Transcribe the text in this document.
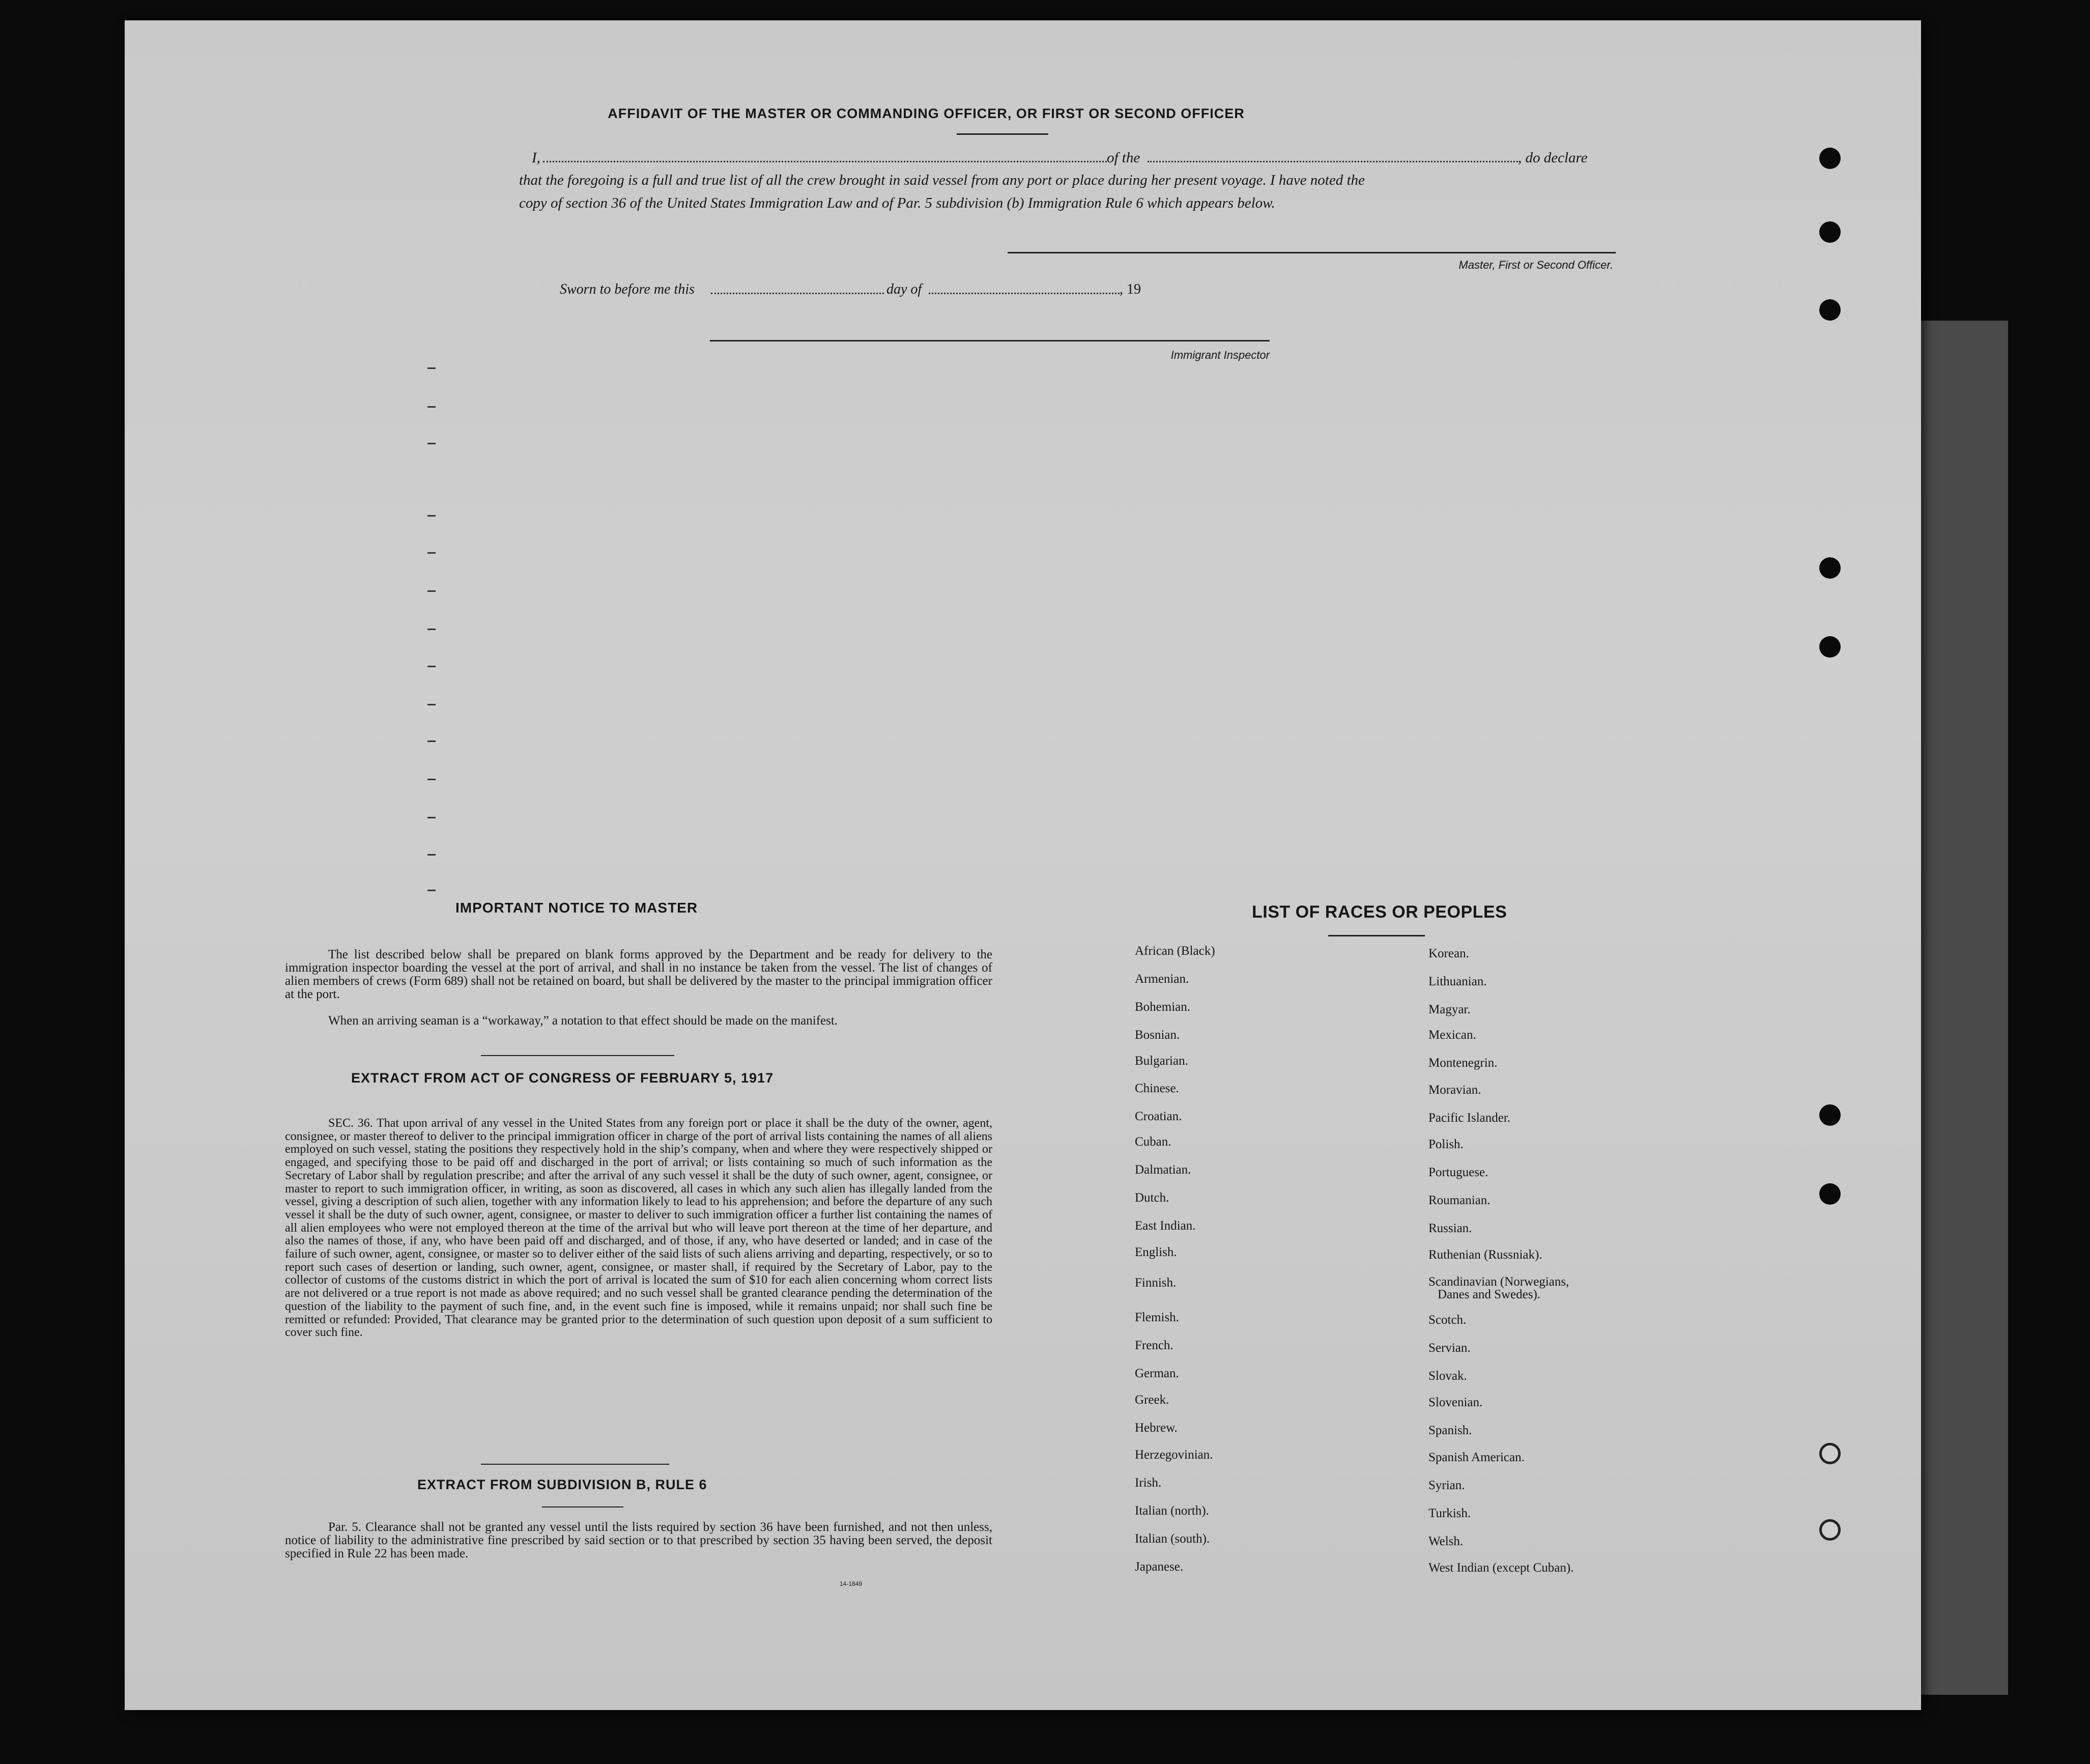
AFFIDAVIT OF THE MASTER OR COMMANDING OFFICER, OR FIRST OR SECOND OFFICER
I,	of the	, do declare
that the foregoing is a full and true list of all the crew brought in said vessel from any port or place during her present voyage. I have noted the
copy of section 36 of the United States Immigration Law and of Par. 5 subdivision (b) Immigration Rule 6 which appears below.
Master, First or Second Officer.
Sworn to before me this	day of	, 19
Immigrant Inspector
IMPORTANT NOTICE TO MASTER
The list described below shall be prepared on blank forms approved by the Department and be ready for delivery to the immigration inspector boarding the vessel at the port of arrival, and shall in no instance be taken from the vessel. The list of changes of alien members of crews (Form 689) shall not be retained on board, but shall be delivered by the master to the principal immigration officer at the port.
When an arriving seaman is a “workaway,” a notation to that effect should be made on the manifest.
EXTRACT FROM ACT OF CONGRESS OF FEBRUARY 5, 1917
SEC. 36. That upon arrival of any vessel in the United States from any foreign port or place it shall be the duty of the owner, agent, consignee, or master thereof to deliver to the principal immigration officer in charge of the port of arrival lists containing the names of all aliens employed on such vessel, stating the positions they respectively hold in the ship’s company, when and where they were respectively shipped or engaged, and specifying those to be paid off and discharged in the port of arrival; or lists containing so much of such information as the Secretary of Labor shall by regulation prescribe; and after the arrival of any such vessel it shall be the duty of such owner, agent, consignee, or master to report to such immigration officer, in writing, as soon as discovered, all cases in which any such alien has illegally landed from the vessel, giving a description of such alien, together with any information likely to lead to his apprehension; and before the departure of any such vessel it shall be the duty of such owner, agent, consignee, or master to deliver to such immigration officer a further list containing the names of all alien employees who were not employed thereon at the time of the arrival but who will leave port thereon at the time of her departure, and also the names of those, if any, who have been paid off and discharged, and of those, if any, who have deserted or landed; and in case of the failure of such owner, agent, consignee, or master so to deliver either of the said lists of such aliens arriving and departing, respectively, or so to report such cases of desertion or landing, such owner, agent, consignee, or master shall, if required by the Secretary of Labor, pay to the collector of customs of the customs district in which the port of arrival is located the sum of $10 for each alien concerning whom correct lists are not delivered or a true report is not made as above required; and no such vessel shall be granted clearance pending the determination of the question of the liability to the payment of such fine, and, in the event such fine is imposed, while it remains unpaid; nor shall such fine be remitted or refunded: Provided, That clearance may be granted prior to the determination of such question upon deposit of a sum sufficient to cover such fine.
EXTRACT FROM SUBDIVISION B, RULE 6
Par. 5. Clearance shall not be granted any vessel until the lists required by section 36 have been furnished, and not then unless, notice of liability to the administrative fine prescribed by said section or to that prescribed by section 35 having been served, the deposit specified in Rule 22 has been made.
14-1849
LIST OF RACES OR PEOPLES
African (Black)
Armenian.
Bohemian.
Bosnian.
Bulgarian.
Chinese.
Croatian.
Cuban.
Dalmatian.
Dutch.
East Indian.
English.
Finnish.
Flemish.
French.
German.
Greek.
Hebrew.
Herzegovinian.
Irish.
Italian (north).
Italian (south).
Japanese.
Korean.
Lithuanian.
Magyar.
Mexican.
Montenegrin.
Moravian.
Pacific Islander.
Polish.
Portuguese.
Roumanian.
Russian.
Ruthenian (Russniak).
Scandinavian (Norwegians,
Danes and Swedes).
Scotch.
Servian.
Slovak.
Slovenian.
Spanish.
Spanish American.
Syrian.
Turkish.
Welsh.
West Indian (except Cuban).
